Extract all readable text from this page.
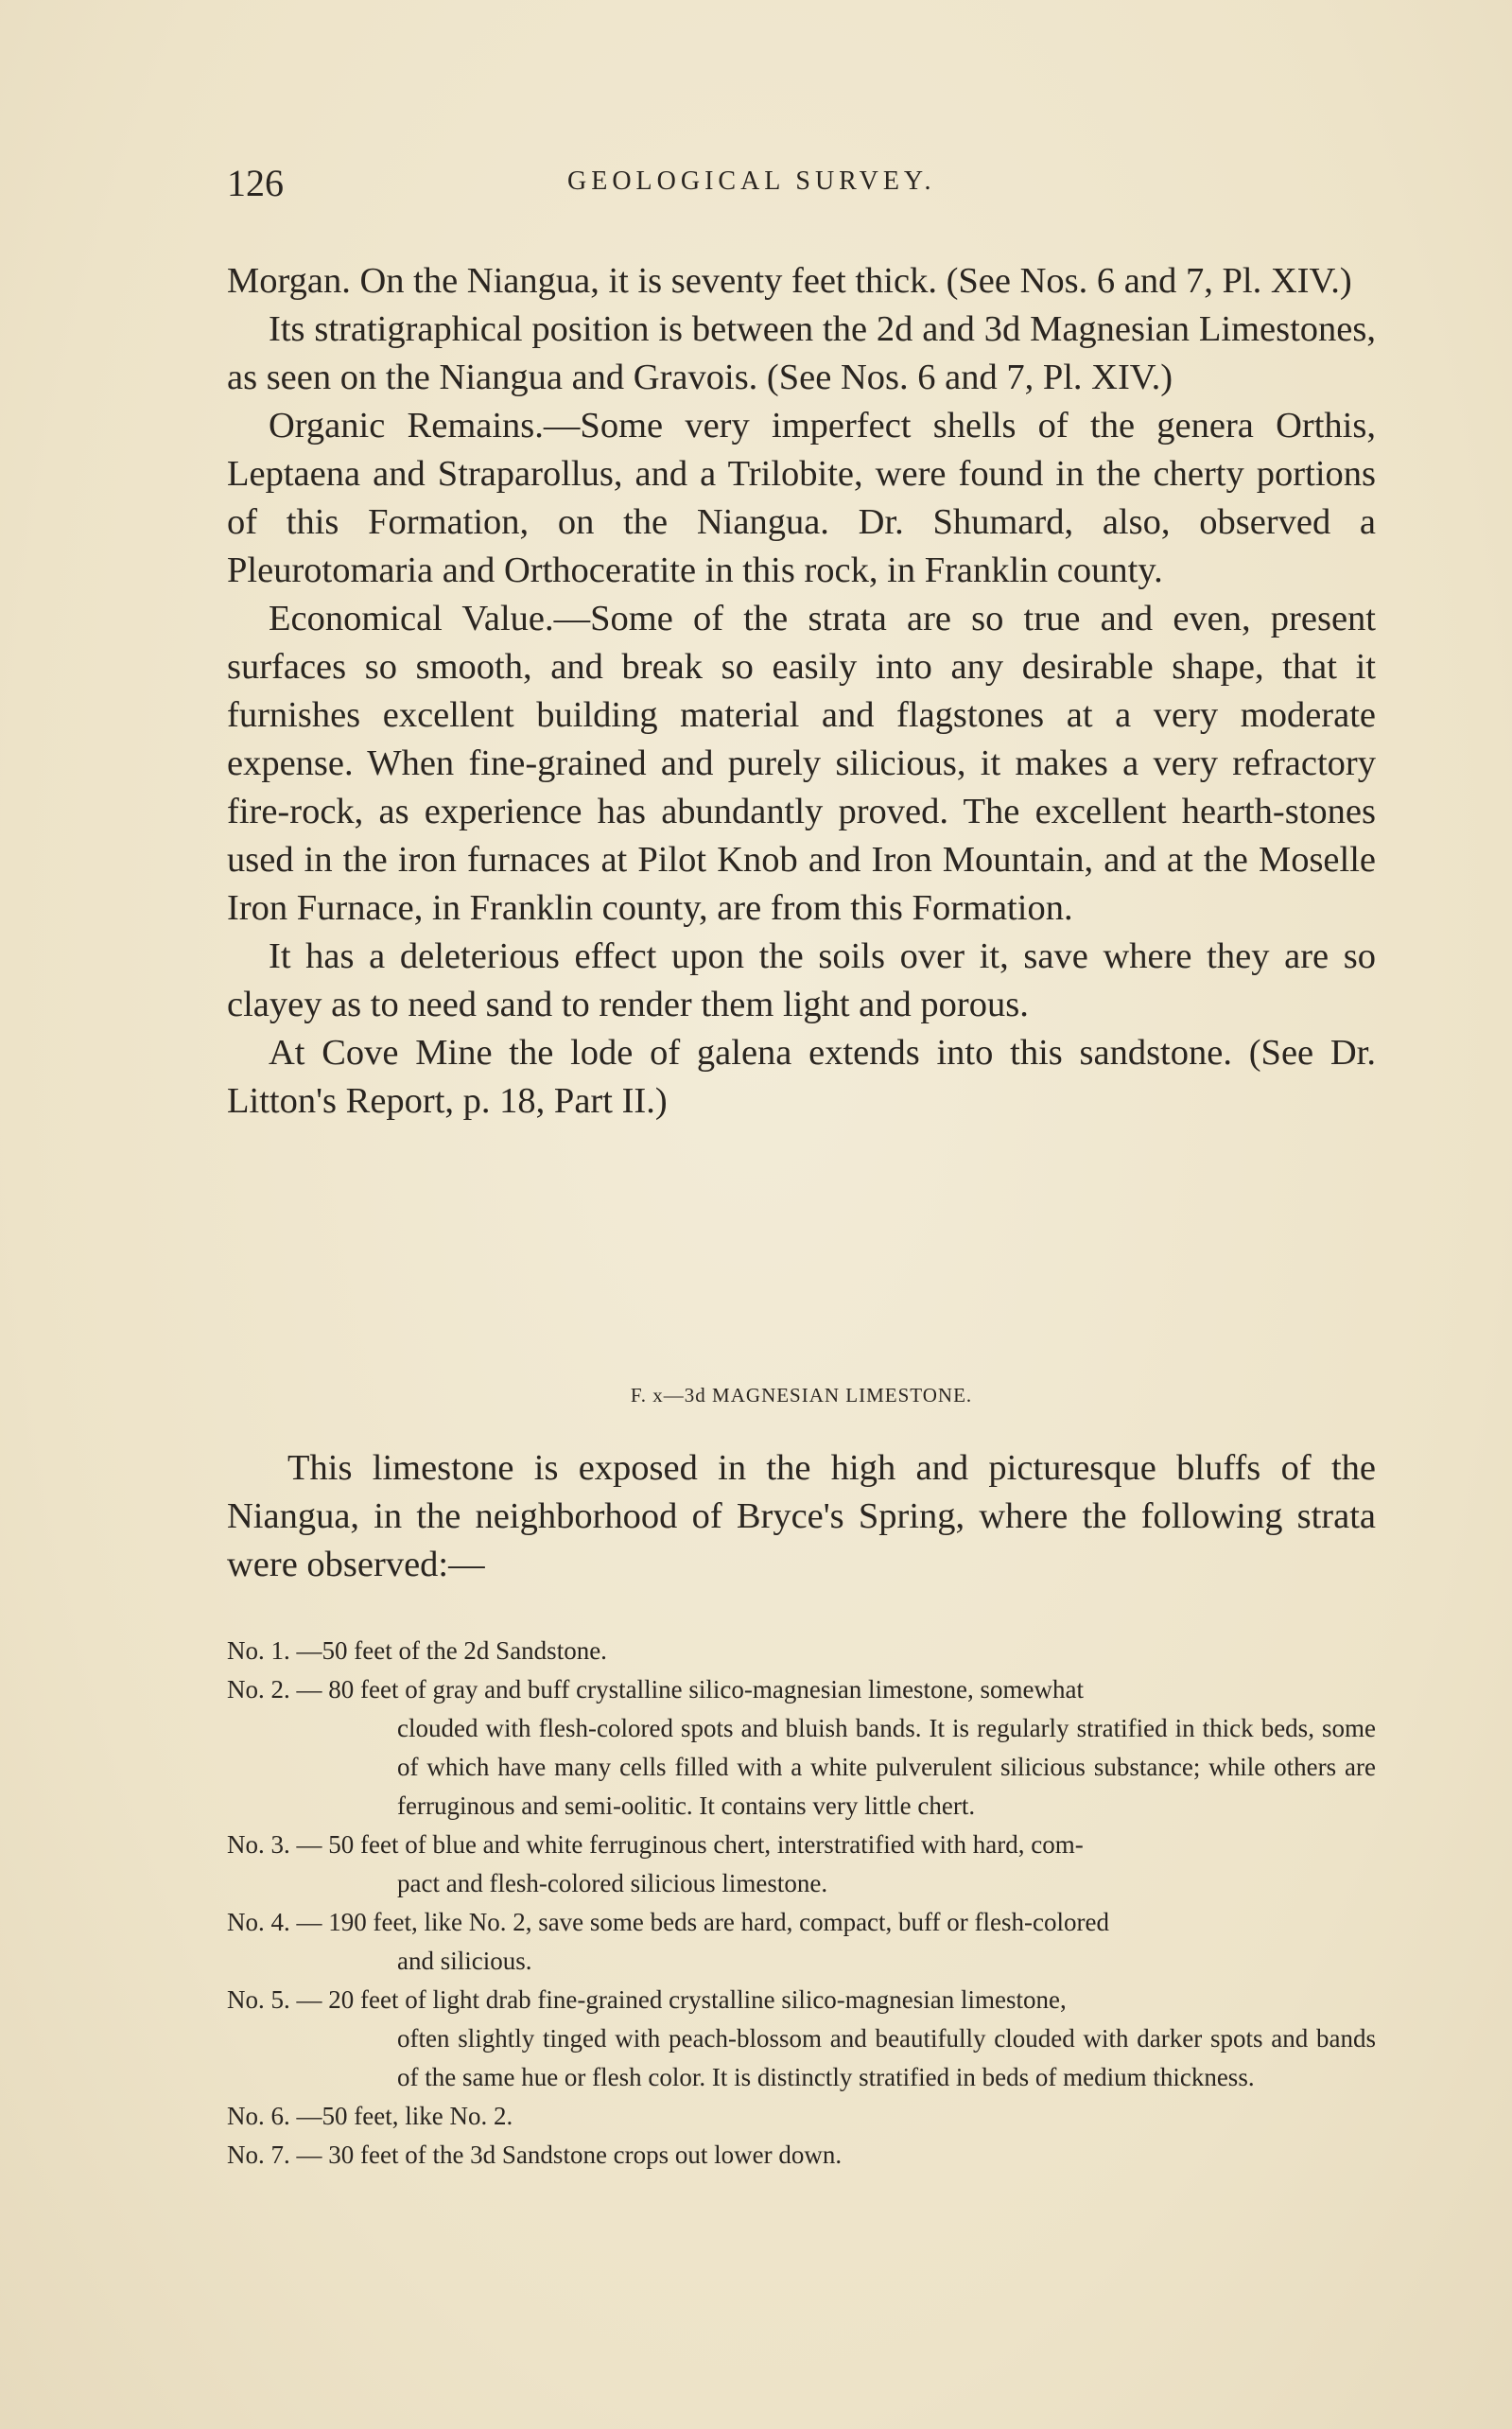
126	GEOLOGICAL SURVEY.

Morgan. On the Niangua, it is seventy feet thick. (See Nos. 6 and 7, Pl. XIV.)

Its stratigraphical position is between the 2d and 3d Magnesian Limestones, as seen on the Niangua and Gravois. (See Nos. 6 and 7, Pl. XIV.)

Organic Remains.—Some very imperfect shells of the genera Orthis, Leptaena and Straparollus, and a Trilobite, were found in the cherty portions of this Formation, on the Niangua. Dr. Shumard, also, observed a Pleurotomaria and Orthoceratite in this rock, in Franklin county.

Economical Value.—Some of the strata are so true and even, present surfaces so smooth, and break so easily into any desirable shape, that it furnishes excellent building material and flagstones at a very moderate expense. When fine-grained and purely silicious, it makes a very refractory fire-rock, as experience has abundantly proved. The excellent hearth-stones used in the iron furnaces at Pilot Knob and Iron Mountain, and at the Moselle Iron Furnace, in Franklin county, are from this Formation.

It has a deleterious effect upon the soils over it, save where they are so clayey as to need sand to render them light and porous.

At Cove Mine the lode of galena extends into this sandstone. (See Dr. Litton's Report, p. 18, Part II.)

F. x—3d MAGNESIAN LIMESTONE.

This limestone is exposed in the high and picturesque bluffs of the Niangua, in the neighborhood of Bryce's Spring, where the following strata were observed:—

No. 1. — 50 feet of the 2d Sandstone.
No. 2. — 80 feet of gray and buff crystalline silico-magnesian limestone, somewhat
clouded with flesh-colored spots and bluish bands. It is regularly stratified in thick beds, some of which have many cells filled with a white pulverulent silicious substance; while others are ferruginous and semi-oolitic. It contains very little chert.
No. 3. — 50 feet of blue and white ferruginous chert, interstratified with hard, com-
pact and flesh-colored silicious limestone.
No. 4. — 190 feet, like No. 2, save some beds are hard, compact, buff or flesh-colored
and silicious.
No. 5. — 20 feet of light drab fine-grained crystalline silico-magnesian limestone,
often slightly tinged with peach-blossom and beautifully clouded with darker spots and bands of the same hue or flesh color. It is distinctly stratified in beds of medium thickness.
No. 6. — 50 feet, like No. 2.
No. 7. — 30 feet of the 3d Sandstone crops out lower down.
